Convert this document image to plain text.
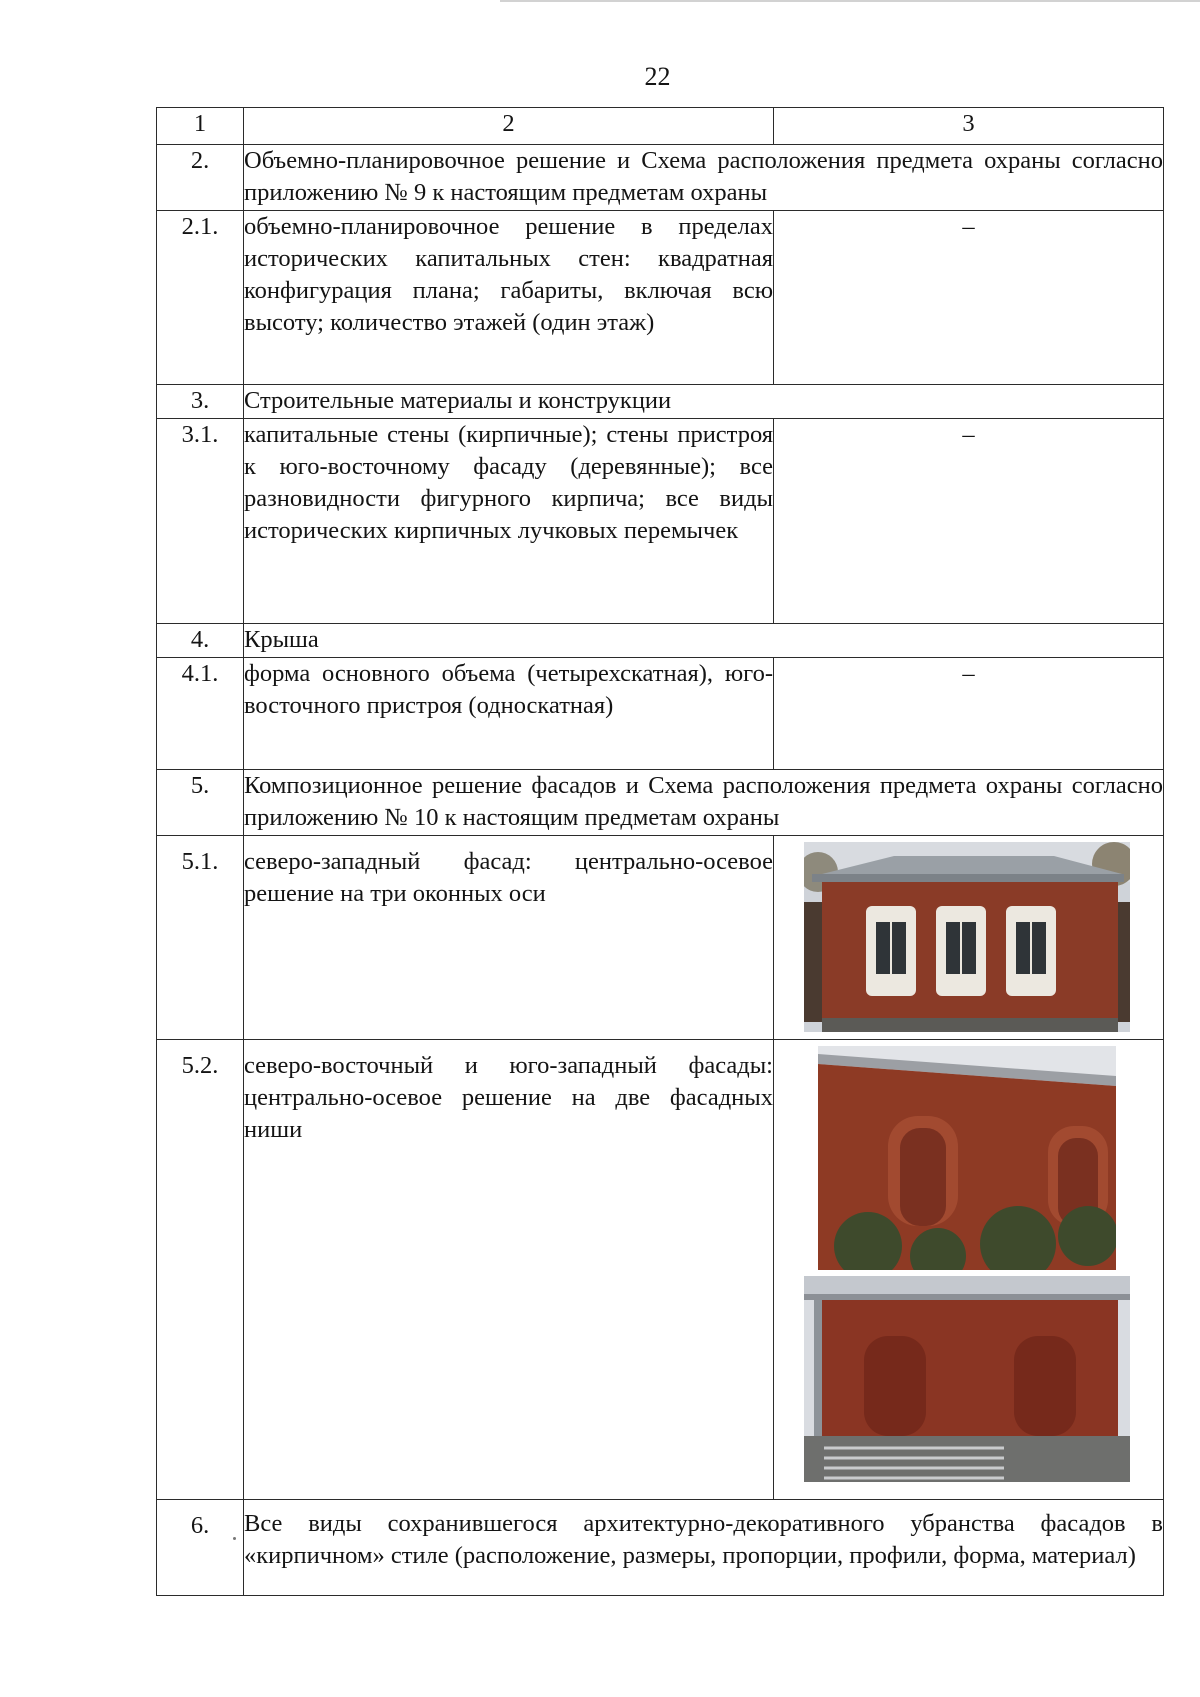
22
1	2	3
2.	Объемно-планировочное решение и Схема расположения предмета охраны согласно приложению № 9 к настоящим предметам охраны	
2.1.	объемно-планировочное решение в пределах исторических капитальных стен: квадратная конфигурация плана; габариты, включая всю высоту; количество этажей (один этаж)	–
3.	Строительные материалы и конструкции	
3.1.	капитальные стены (кирпичные); стены пристроя к юго-восточному фасаду (деревянные); все разновидности фигурного кирпича; все виды исторических кирпичных лучковых перемычек	–
4.	Крыша	
4.1.	форма основного объема (четырехскатная), юго-восточного пристроя (односкатная)	–
5.	Композиционное решение фасадов и Схема расположения предмета охраны согласно приложению № 10 к настоящим предметам охраны	
5.1.	северо-западный фасад: центрально-осевое решение на три оконных оси	

5.2.	северо-восточный и юго-западный фасады: центрально-осевое решение на две фасадных ниши	

6.	Все виды сохранившегося архитектурно-декоративного убранства фасадов в «кирпичном» стиле (расположение, размеры, пропорции, профили, форма, материал)	
